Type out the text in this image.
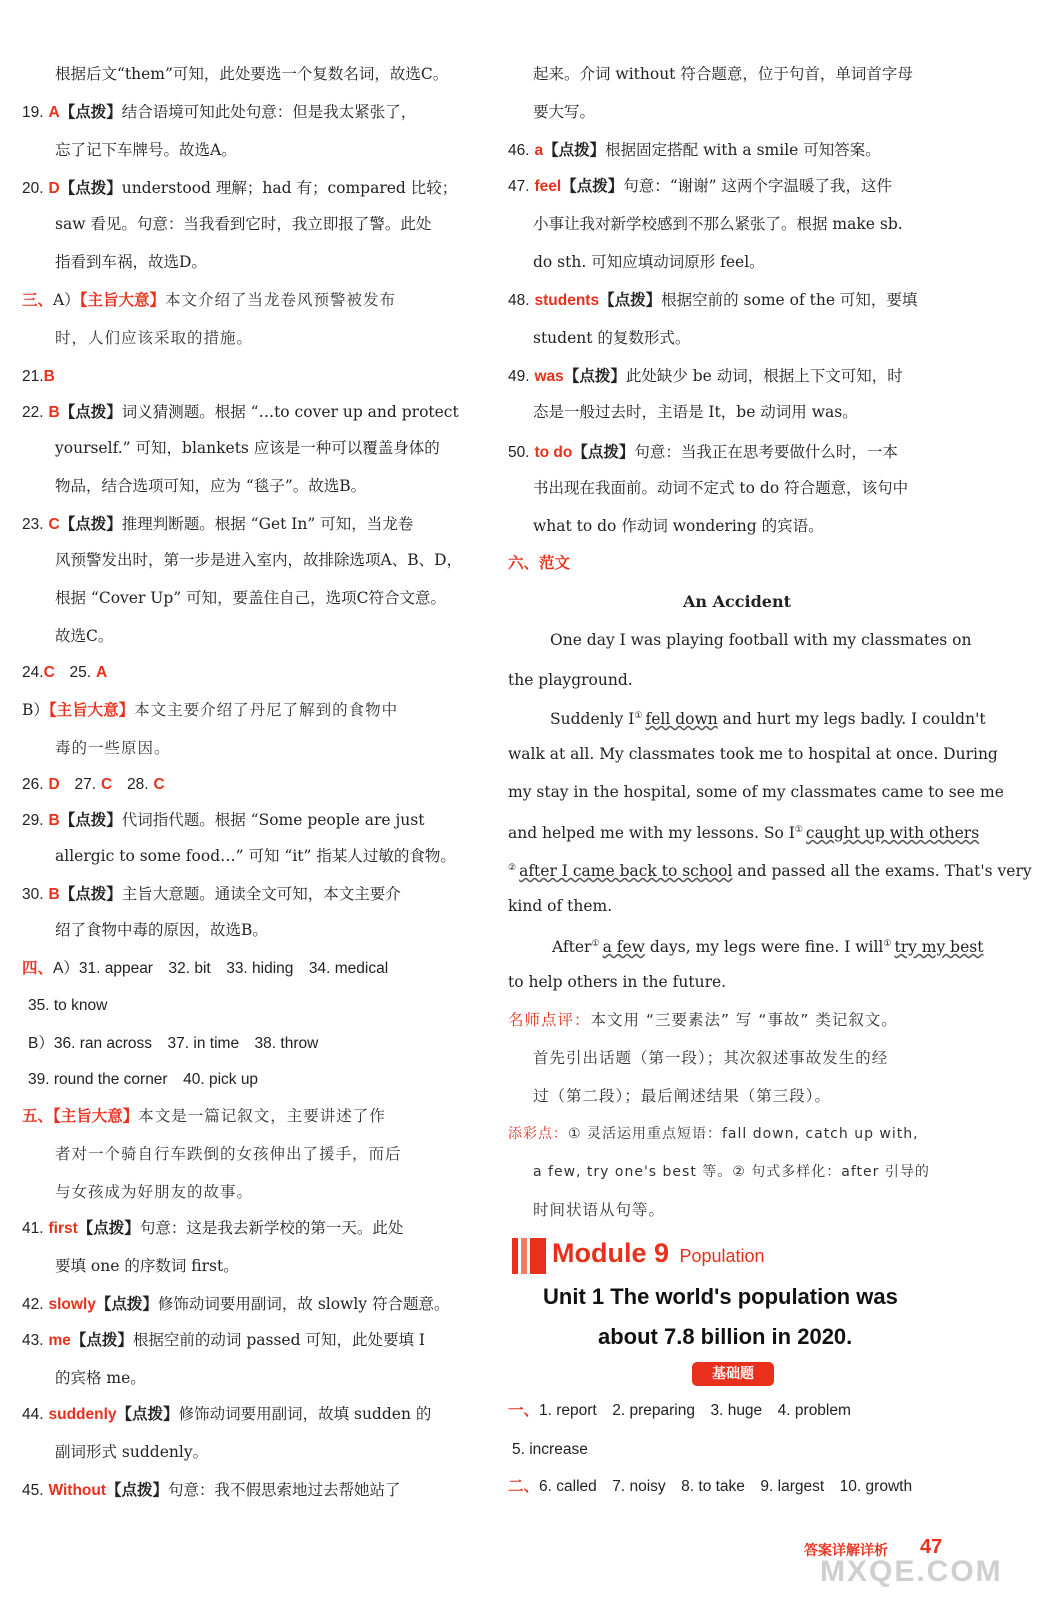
根据后文“them”可知，此处要选一个复数名词，故选C。
19. A【点拨】结合语境可知此处句意：但是我太紧张了，
忘了记下车牌号。故选A。
20. D【点拨】understood 理解；had 有；compared 比较；
saw 看见。句意：当我看到它时，我立即报了警。此处
指看到车祸，故选D。
三、A）【主旨大意】本文介绍了当龙卷风预警被发布
时，人们应该采取的措施。
21.B
22. B【点拨】词义猜测题。根据 “…to cover up and protect
yourself.” 可知，blankets 应该是一种可以覆盖身体的
物品，结合选项可知，应为 “毯子”。故选B。
23. C【点拨】推理判断题。根据 “Get In” 可知，当龙卷
风预警发出时，第一步是进入室内，故排除选项A、B、D，
根据 “Cover Up” 可知，要盖住自己，选项C符合文意。
故选C。
24.C 25. A
B）【主旨大意】本文主要介绍了丹尼了解到的食物中
毒的一些原因。
26. D 27. C 28. C
29. B【点拨】代词指代题。根据 “Some people are just
allergic to some food…” 可知 “it” 指某人过敏的食物。
30. B【点拨】主旨大意题。通读全文可知，本文主要介
绍了食物中毒的原因，故选B。
四、A）31. appear　32. bit　33. hiding　34. medical
35. to know
B）36. ran across　37. in time　38. throw
39. round the corner　40. pick up
五、【主旨大意】本文是一篇记叙文，主要讲述了作
者对一个骑自行车跌倒的女孩伸出了援手，而后
与女孩成为好朋友的故事。
41. first【点拨】句意：这是我去新学校的第一天。此处
要填 one 的序数词 first。
42. slowly【点拨】修饰动词要用副词，故 slowly 符合题意。
43. me【点拨】根据空前的动词 passed 可知，此处要填 I
的宾格 me。
44. suddenly【点拨】修饰动词要用副词，故填 sudden 的
副词形式 suddenly。
45. Without【点拨】句意：我不假思索地过去帮她站了
起来。介词 without 符合题意，位于句首，单词首字母
要大写。
46. a【点拨】根据固定搭配 with a smile 可知答案。
47. feel【点拨】句意：“谢谢” 这两个字温暖了我，这件
小事让我对新学校感到不那么紧张了。根据 make sb.
do sth. 可知应填动词原形 feel。
48. students【点拨】根据空前的 some of the 可知，要填
student 的复数形式。
49. was【点拨】此处缺少 be 动词，根据上下文可知，时
态是一般过去时，主语是 It，be 动词用 was。
50. to do【点拨】句意：当我正在思考要做什么时，一本
书出现在我面前。动词不定式 to do 符合题意，该句中
what to do 作动词 wondering 的宾语。
六、范文
An Accident
One day I was playing football with my classmates on
the playground.
Suddenly I① fell down and hurt my legs badly. I couldn't
walk at all. My classmates took me to hospital at once. During
my stay in the hospital, some of my classmates came to see me
and helped me with my lessons. So I① caught up with others
② after I came back to school and passed all the exams. That's very
kind of them.
After① a few days, my legs were fine. I will① try my best
to help others in the future.
名师点评：本文用 “三要素法” 写 “事故” 类记叙文。
首先引出话题（第一段）；其次叙述事故发生的经
过（第二段）；最后阐述结果（第三段）。
添彩点：① 灵活运用重点短语：fall down, catch up with,
a few, try one's best 等。② 句式多样化：after 引导的
时间状语从句等。
Module 9 Population
Unit 1 The world's population was
about 7.8 billion in 2020.
基础题
一、1. report　2. preparing　3. huge　4. problem
5. increase
二、6. called　7. noisy　8. to take　9. largest　10. growth
答案详解详析 47
MXQE.COM
